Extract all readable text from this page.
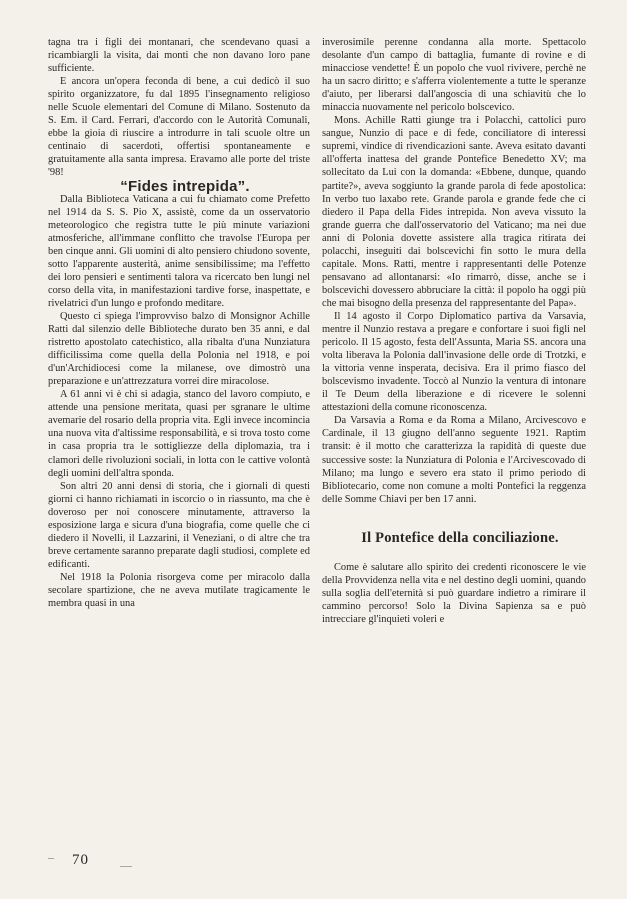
tagna tra i figli dei montanari, che scendevano quasi a ricambiargli la visita, dai monti che non davano loro pane sufficiente.

E ancora un'opera feconda di bene, a cui dedicò il suo spirito organizzatore, fu dal 1895 l'insegnamento religioso nelle Scuole elementari del Comune di Milano. Sostenuto da S. Em. il Card. Ferrari, d'accordo con le Autorità Comunali, ebbe la gioia di riuscire a introdurre in tali scuole oltre un centinaio di sacerdoti, offertisi spontaneamente e gratuitamente alla santa impresa. Eravamo alle porte del triste '98!

“Fides intrepida”.

Dalla Biblioteca Vaticana a cui fu chiamato come Prefetto nel 1914 da S. S. Pio X, assistè, come da un osservatorio meteorologico che registra tutte le più minute variazioni atmosferiche, all'immane conflitto che travolse l'Europa per ben cinque anni. Gli uomini di alto pensiero chiudono sovente, sotto l'apparente austerità, anime sensibilissime; ma l'effetto dei loro pensieri e sentimenti talora va ricercato ben lungi nel corso della vita, in manifestazioni tardive forse, inaspettate, e rivelatrici d'un lungo e profondo meditare.

Questo ci spiega l'improvviso balzo di Monsignor Achille Ratti dal silenzio delle Biblioteche durato ben 35 anni, e dal ristretto apostolato catechistico, alla ribalta d'una Nunziatura difficilissima come quella della Polonia nel 1918, e poi d'un'Archidiocesi come la milanese, ove dimostrò una preparazione e un'attrezzatura vorrei dire miracolose.

A 61 anni vi è chi si adagia, stanco del lavoro compiuto, e attende una pensione meritata, quasi per sgranare le ultime avemarie del rosario della propria vita. Egli invece incomincia una nuova vita d'altissime responsabilità, e si trova tosto come in casa propria tra le sottigliezze della diplomazia, tra i clamori delle rivoluzioni sociali, in lotta con le cattive volontà degli uomini dell'altra sponda.

Son altri 20 anni densi di storia, che i giornali di questi giorni ci hanno richiamati in iscorcio o in riassunto, ma che è doveroso per noi conoscere minutamente, attraverso la esposizione larga e sicura d'una biografia, come quelle che ci diedero il Novelli, il Lazzarini, il Veneziani, o di altre che tra breve certamente saranno preparate dagli studiosi, complete ed edificanti.

Nel 1918 la Polonia risorgeva come per miracolo dalla secolare spartizione, che ne aveva mutilate tragicamente le membra quasi in una

inverosimile perenne condanna alla morte. Spettacolo desolante d'un campo di battaglia, fumante di rovine e di minacciose vendette! È un popolo che vuol rivivere, perchè ne ha un sacro diritto; e s'afferra violentemente a tutte le speranze d'aiuto, per liberarsi dall'angoscia di una schiavitù che lo minaccia nuovamente nel pericolo bolscevico.

Mons. Achille Ratti giunge tra i Polacchi, cattolici puro sangue, Nunzio di pace e di fede, conciliatore di interessi supremi, vindice di rivendicazioni sante. Aveva esitato davanti all'offerta inattesa del grande Pontefice Benedetto XV; ma sollecitato da Lui con la domanda: «Ebbene, dunque, quando partite?», aveva soggiunto la grande parola di fede apostolica: In verbo tuo laxabo rete. Grande parola e grande fede che ci diedero il Papa della Fides intrepida. Non aveva vissuto la grande guerra che dall'osservatorio del Vaticano; ma nei due anni di Polonia dovette assistere alla tragica ritirata dei polacchi, inseguiti dai bolscevichi fin sotto le mura della capitale. Mons. Ratti, mentre i rappresentanti delle Potenze pensavano ad allontanarsi: «Io rimarrò, disse, anche se i bolscevichi dovessero abbruciare la città: il popolo ha oggi più che mai bisogno della presenza del rappresentante del Papa».

Il 14 agosto il Corpo Diplomatico partiva da Varsavia, mentre il Nunzio restava a pregare e confortare i suoi figli nel pericolo. Il 15 agosto, festa dell'Assunta, Maria SS. ancora una volta liberava la Polonia dall'invasione delle orde di Trotzki, e la vittoria venne insperata, decisiva. Era il primo fiasco del bolscevismo invadente. Toccò al Nunzio la ventura di intonare il Te Deum della liberazione e di ricevere le solenni attestazioni della comune riconoscenza.

Da Varsavia a Roma e da Roma a Milano, Arcivescovo e Cardinale, il 13 giugno dell'anno seguente 1921. Raptim transit: è il motto che caratterizza la rapidità di queste due successive soste: la Nunziatura di Polonia e l'Arcivescovado di Milano; ma lungo e severo era stato il primo periodo di Bibliotecario, come non comune a molti Pontefici la reggenza delle Somme Chiavi per ben 17 anni.

Il Pontefice della conciliazione.

Come è salutare allo spirito dei credenti riconoscere le vie della Provvidenza nella vita e nel destino degli uomini, quando sulla soglia dell'eternità si può guardare indietro a rimirare il cammino percorso! Solo la Divina Sapienza sa e può intrecciare gl'inquieti voleri e

– 70	—
